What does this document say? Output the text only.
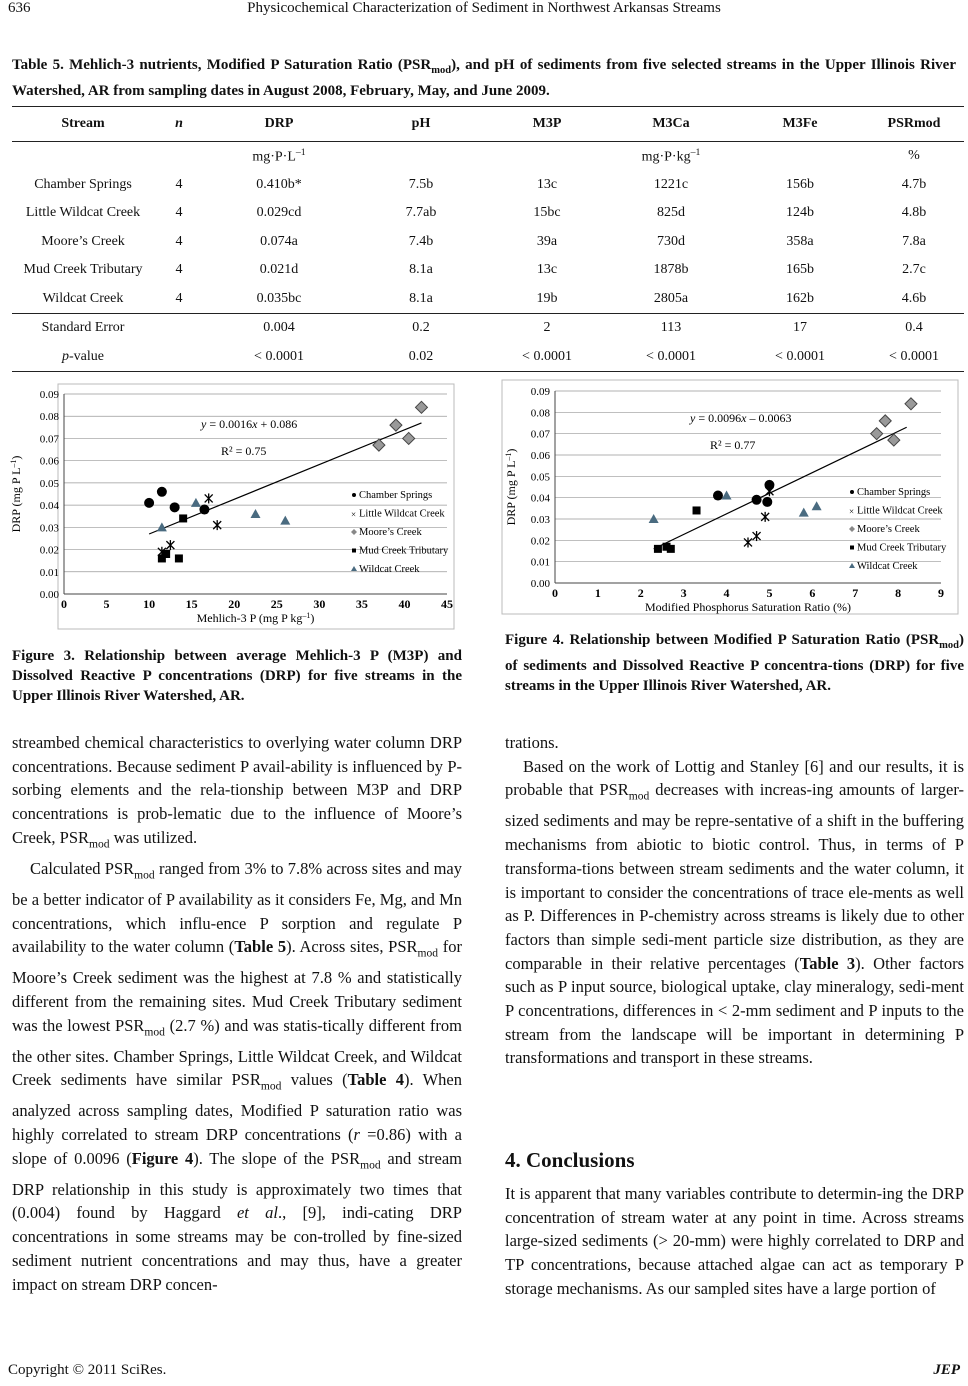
636	Physicochemical Characterization of Sediment in Northwest Arkansas Streams
Table 5. Mehlich-3 nutrients, Modified P Saturation Ratio $(PSR_{mod})$, and pH of sediments from five selected streams in the Upper Illinois River Watershed, AR from sampling dates in August 2008, February, May, and June 2009.
Stream	n	DRP	pH	M3P	M3Ca	M3Fe	PSRmod
		$mg\cdot P\cdot L^{-1}$			$mg\cdot P\cdot kg^{-1}$		%
Chamber Springs	4	0.410b*	7.5b	13c	1221c	156b	4.7b
Little Wildcat Creek	4	0.029cd	7.7ab	15bc	825d	124b	4.8b
Moore’s Creek	4	0.074a	7.4b	39a	730d	358a	7.8a
Mud Creek Tributary	4	0.021d	8.1a	13c	1878b	165b	2.7c
Wildcat Creek	4	0.035bc	8.1a	19b	2805a	162b	4.6b
Standard Error		0.004	0.2	2	113	17	0.4
p-value		< 0.0001	0.02	< 0.0001	< 0.0001	< 0.0001	< 0.0001
0.00
0.01
0.02
0.03
0.04
0.05
0.06
0.07
0.08
0.09
0	5	10	15	20	25	30	35	40	45
Mehlich-3 P (mg P $kg^{-1}$)
DRP (mg P $L^{-1}$)
y = 0.0016x + 0.086
R² = 0.75
Chamber Springs
× Little Wildcat Creek
Moore’s Creek
Mud Creek Tributary
Wildcat Creek
Figure 3. Relationship between average Mehlich-3 P (M3P) and Dissolved Reactive P concentrations (DRP) for five streams in the Upper Illinois River Watershed, AR.
0.00
0.01
0.02
0.03
0.04
0.05
0.06
0.07
0.08
0.09
0	1	2	3	4	5	6	7	8	9
Modified Phosphorus Saturation Ratio (%)
DRP (mg P $L^{-1}$)
y = 0.0096x – 0.0063
R² = 0.77
Chamber Springs
× Little Wildcat Creek
Moore’s Creek
Mud Creek Tributary
Wildcat Creek
Figure 4. Relationship between Modified P Saturation Ratio $(PSR_{mod})$ of sediments and Dissolved Reactive P concentra-tions (DRP) for five streams in the Upper Illinois River Watershed, AR.

streambed chemical characteristics to overlying water column DRP concentrations. Because sediment P avail-ability is influenced by P-sorbing elements and the rela-tionship between M3P and DRP concentrations is prob-lematic due to the influence of Moore’s Creek, $PSR_{mod}$ was utilized.

Calculated $PSR_{mod}$ ranged from 3% to 7.8% across sites and may be a better indicator of P availability as it considers Fe, Mg, and Mn concentrations, which influ-ence P sorption and regulate P availability to the water column (Table 5). Across sites, $PSR_{mod}$ for Moore’s Creek sediment was the highest at 7.8 % and statistically different from the remaining sites. Mud Creek Tributary sediment was the lowest $PSR_{mod}$ (2.7 %) and was statis-tically different from the other sites. Chamber Springs, Little Wildcat Creek, and Wildcat Creek sediments have similar $PSR_{mod}$ values (Table 4). When analyzed across sampling dates, Modified P saturation ratio was highly correlated to stream DRP concentrations (r =0.86) with a slope of 0.0096 (Figure 4). The slope of the $PSR_{mod}$ and stream DRP relationship in this study is approximately two times that (0.004) found by Haggard et al., [9], indi-cating DRP concentrations in some streams may be con-trolled by fine-sized sediment nutrient concentrations and may thus, have a greater impact on stream DRP concen-

trations.

Based on the work of Lottig and Stanley [6] and our results, it is probable that $PSR_{mod}$ decreases with increas-ing amounts of larger-sized sediments and may be repre-sentative of a shift in the buffering mechanisms from abiotic to biotic control. Thus, in terms of P transforma-tions between stream sediments and the water column, it is important to consider the concentrations of trace ele-ments as well as P. Differences in P-chemistry across streams is likely due to other factors than simple sedi-ment particle size distribution, as they are comparable in their relative percentages (Table 3). Other factors such as P input source, biological uptake, clay mineralogy, sedi-ment P concentrations, differences in < 2-mm sediment and P inputs to the stream from the landscape will be important in determining P transformations and transport in these streams.

4. Conclusions

It is apparent that many variables contribute to determin-ing the DRP concentration of stream water at any point in time. Across streams large-sized sediments (> 20-mm) were highly correlated to DRP and TP concentrations, because attached algae can act as temporary P storage mechanisms. As our sampled sites have a large portion of

Copyright © 2011 SciRes.	JEP
